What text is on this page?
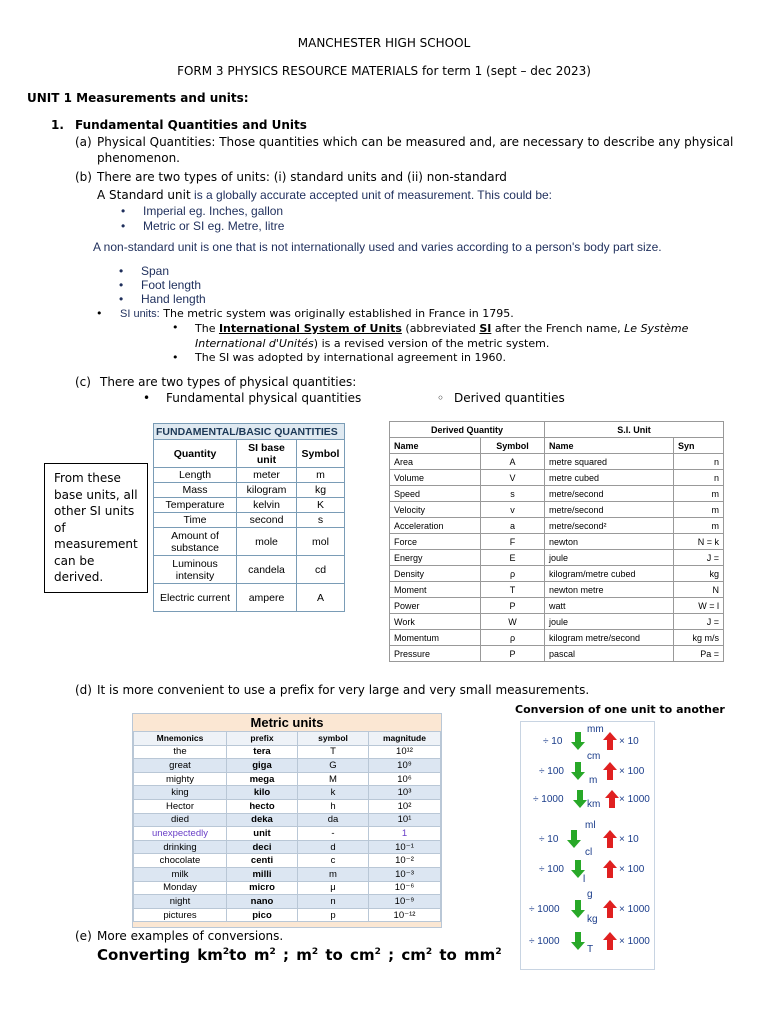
MANCHESTER HIGH SCHOOL
FORM 3 PHYSICS RESOURCE MATERIALS for term 1 (sept – dec 2023)
UNIT 1 Measurements and units:
1. Fundamental Quantities and Units
(a) Physical Quantities: Those quantities which can be measured and, are necessary to describe any physical
phenomenon.
(b) There are two types of units: (i) standard units and (ii) non-standard
A Standard unit is a globally accurate accepted unit of measurement. This could be:
• Imperial eg. Inches, gallon
• Metric or SI eg. Metre, litre
A non-standard unit is one that is not internationally used and varies according to a person's body part size.
• Span
• Foot length
• Hand length
• SI units: The metric system was originally established in France in 1795.
• The International System of Units (abbreviated SI after the French name, Le Système International d'Unités) is a revised version of the metric system.
• The SI was adopted by international agreement in 1960.
(c) There are two types of physical quantities:
• Fundamental physical quantities	◦ Derived quantities
From these base units, all other SI units of measurement can be derived.
FUNDAMENTAL/BASIC QUANTITIES		
Quantity	SI base unit	Symbol
Length	meter	m
Mass	kilogram	kg
Temperature	kelvin	K
Time	second	s
Amount of substance	mole	mol
Luminous intensity	candela	cd
Electric current	ampere	A
Derived Quantity		S.I. Unit	
Name	Symbol	Name	Syn
Area	A	metre squared	n
Volume	V	metre cubed	n
Speed	s	metre/second	m
Velocity	v	metre/second	m
Acceleration	a	metre/second²	m
Force	F	newton	N = k
Energy	E	joule	J =
Density	ρ	kilogram/metre cubed	kg
Moment	T	newton metre	N
Power	P	watt	W = l
Work	W	joule	J =
Momentum	ρ	kilogram metre/second	kg m/s
Pressure	P	pascal	Pa =
(d) It is more convenient to use a prefix for very large and very small measurements.
Conversion of one unit to another
Metric units
Mnemonics	prefix	symbol	magnitude
the	tera	T	10¹²
great	giga	G	10⁹
mighty	mega	M	10⁶
king	kilo	k	10³
Hector	hecto	h	10²
died	deka	da	10¹
unexpectedly	unit	-	1
drinking	deci	d	10⁻¹
chocolate	centi	c	10⁻²
milk	milli	m	10⁻³
Monday	micro	μ	10⁻⁶
night	nano	n	10⁻⁹
pictures	pico	p	10⁻¹²
mm
cm
m
km
÷ 10	× 10
÷ 100	× 100
÷ 1000	× 1000
ml
cl
l
g
kg
T
÷ 10	× 10
÷ 100	× 100
÷ 1000	× 1000
÷ 1000	× 1000
(e) More examples of conversions.
Converting $km^2to$ $m^2$ ; $m^2$ to $cm^2$ ; $cm^2$ to $mm^2$
